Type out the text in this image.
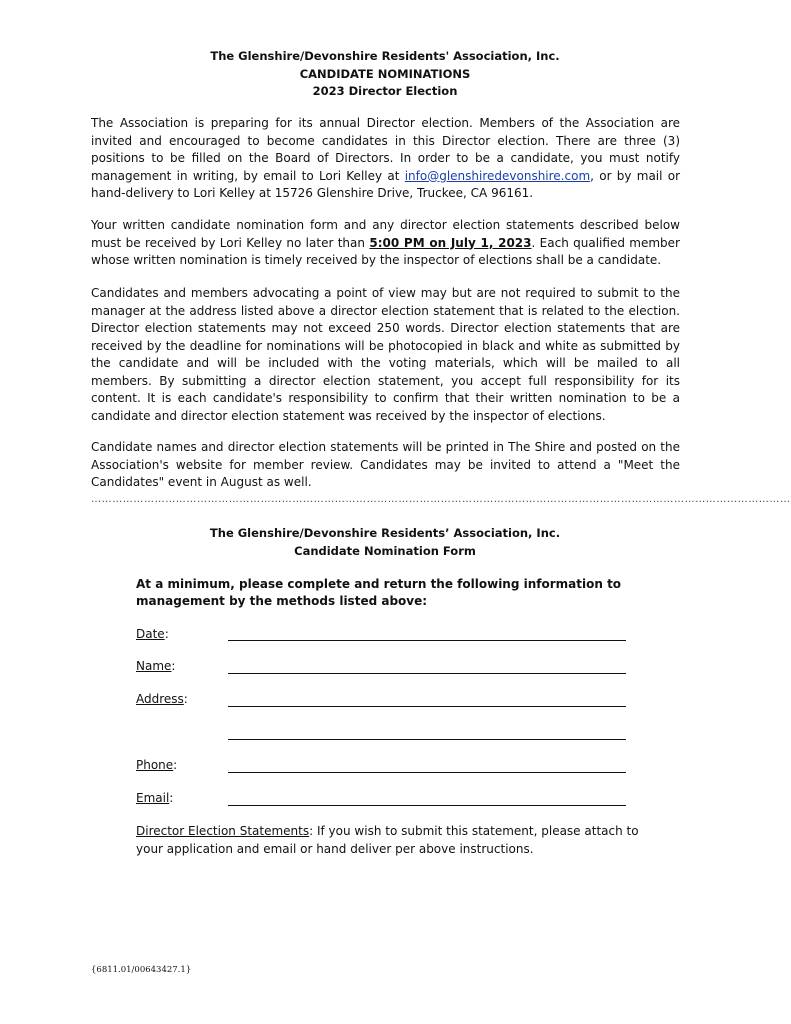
The Glenshire/Devonshire Residents' Association, Inc.
CANDIDATE NOMINATIONS
2023 Director Election
The Association is preparing for its annual Director election. Members of the Association are invited and encouraged to become candidates in this Director election. There are three (3) positions to be filled on the Board of Directors. In order to be a candidate, you must notify management in writing, by email to Lori Kelley at info@glenshiredevonshire.com, or by mail or hand-delivery to Lori Kelley at 15726 Glenshire Drive, Truckee, CA 96161.
Your written candidate nomination form and any director election statements described below must be received by Lori Kelley no later than 5:00 PM on July 1, 2023. Each qualified member whose written nomination is timely received by the inspector of elections shall be a candidate.
Candidates and members advocating a point of view may but are not required to submit to the manager at the address listed above a director election statement that is related to the election. Director election statements may not exceed 250 words. Director election statements that are received by the deadline for nominations will be photocopied in black and white as submitted by the candidate and will be included with the voting materials, which will be mailed to all members. By submitting a director election statement, you accept full responsibility for its content. It is each candidate's responsibility to confirm that their written nomination to be a candidate and director election statement was received by the inspector of elections.
Candidate names and director election statements will be printed in The Shire and posted on the Association's website for member review. Candidates may be invited to attend a "Meet the Candidates" event in August as well.
………………………………………………………………………………………………………………………………………………………………………………
The Glenshire/Devonshire Residents’ Association, Inc.
Candidate Nomination Form
At a minimum, please complete and return the following information to management by the methods listed above:
Date:
Name:
Address:
Phone:
Email:
Director Election Statements: If you wish to submit this statement, please attach to your application and email or hand deliver per above instructions.
{6811.01/00643427.1}
